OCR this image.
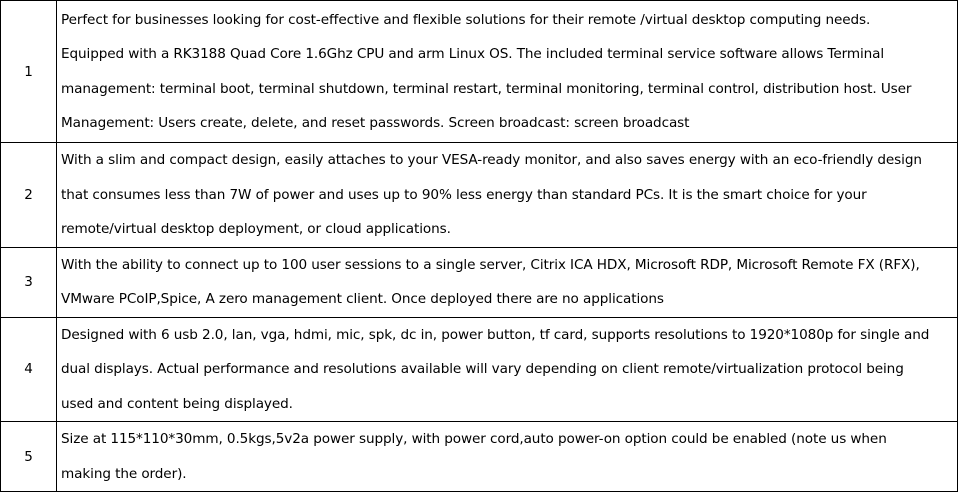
1	Perfect for businesses looking for cost-effective and flexible solutions for their remote /virtual desktop computing needs.
Equipped with a RK3188 Quad Core 1.6Ghz CPU and arm Linux OS. The included terminal service software allows Terminal
management: terminal boot, terminal shutdown, terminal restart, terminal monitoring, terminal control, distribution host. User
Management: Users create, delete, and reset passwords. Screen broadcast: screen broadcast

2	With a slim and compact design, easily attaches to your VESA-ready monitor, and also saves energy with an eco-friendly design
that consumes less than 7W of power and uses up to 90% less energy than standard PCs. It is the smart choice for your
remote/virtual desktop deployment, or cloud applications.

3	With the ability to connect up to 100 user sessions to a single server, Citrix ICA HDX, Microsoft RDP, Microsoft Remote FX (RFX),
VMware PCoIP,Spice, A zero management client. Once deployed there are no applications

4	Designed with 6 usb 2.0, lan, vga, hdmi, mic, spk, dc in, power button, tf card, supports resolutions to 1920*1080p for single and
dual displays. Actual performance and resolutions available will vary depending on client remote/virtualization protocol being
used and content being displayed.

5	Size at 115*110*30mm, 0.5kgs,5v2a power supply, with power cord,auto power-on option could be enabled (note us when
making the order).
